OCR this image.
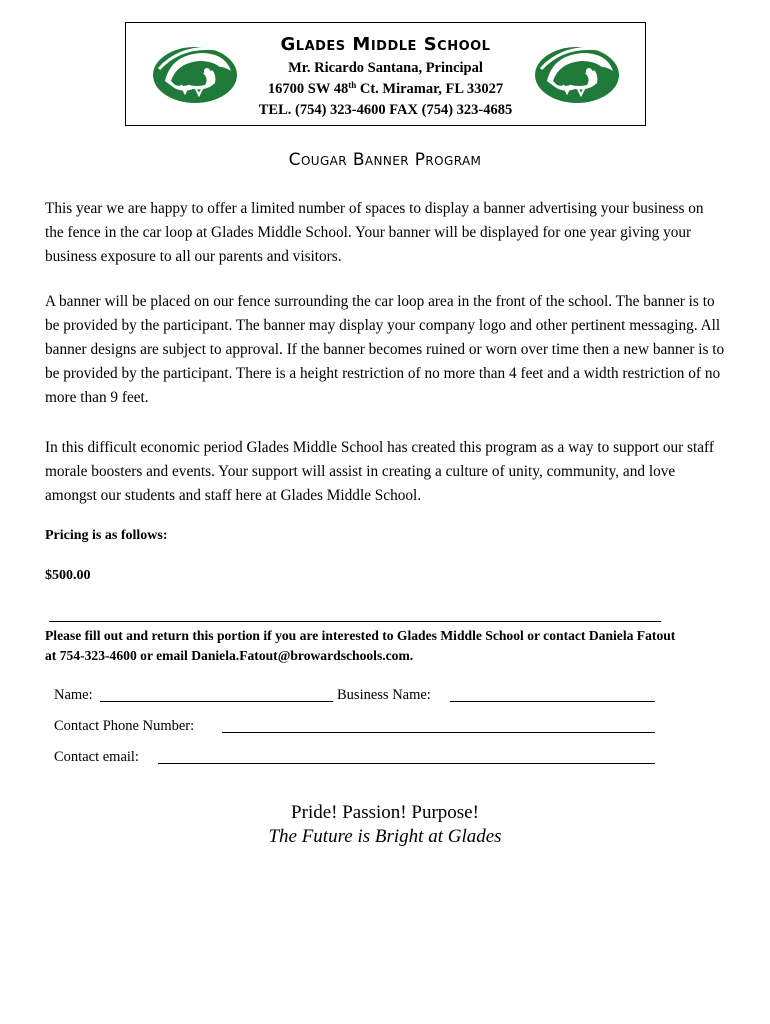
Glades Middle School
Mr. Ricardo Santana, Principal
16700 SW 48th Ct. Miramar, FL 33027
TEL. (754) 323-4600 FAX (754) 323-4685
Cougar Banner Program

This year we are happy to offer a limited number of spaces to display a banner advertising your business on the fence in the car loop at Glades Middle School. Your banner will be displayed for one year giving your business exposure to all our parents and visitors.

A banner will be placed on our fence surrounding the car loop area in the front of the school. The banner is to be provided by the participant. The banner may display your company logo and other pertinent messaging. All banner designs are subject to approval. If the banner becomes ruined or worn over time then a new banner is to be provided by the participant. There is a height restriction of no more than 4 feet and a width restriction of no more than 9 feet.

In this difficult economic period Glades Middle School has created this program as a way to support our staff morale boosters and events. Your support will assist in creating a culture of unity, community, and love amongst our students and staff here at Glades Middle School.

Pricing is as follows:
$500.00
Please fill out and return this portion if you are interested to Glades Middle School or contact Daniela Fatout at 754-323-4600 or email Daniela.Fatout@browardschools.com.
Name:	Business Name:
Contact Phone Number:
Contact email:
Pride! Passion! Purpose!
The Future is Bright at Glades
